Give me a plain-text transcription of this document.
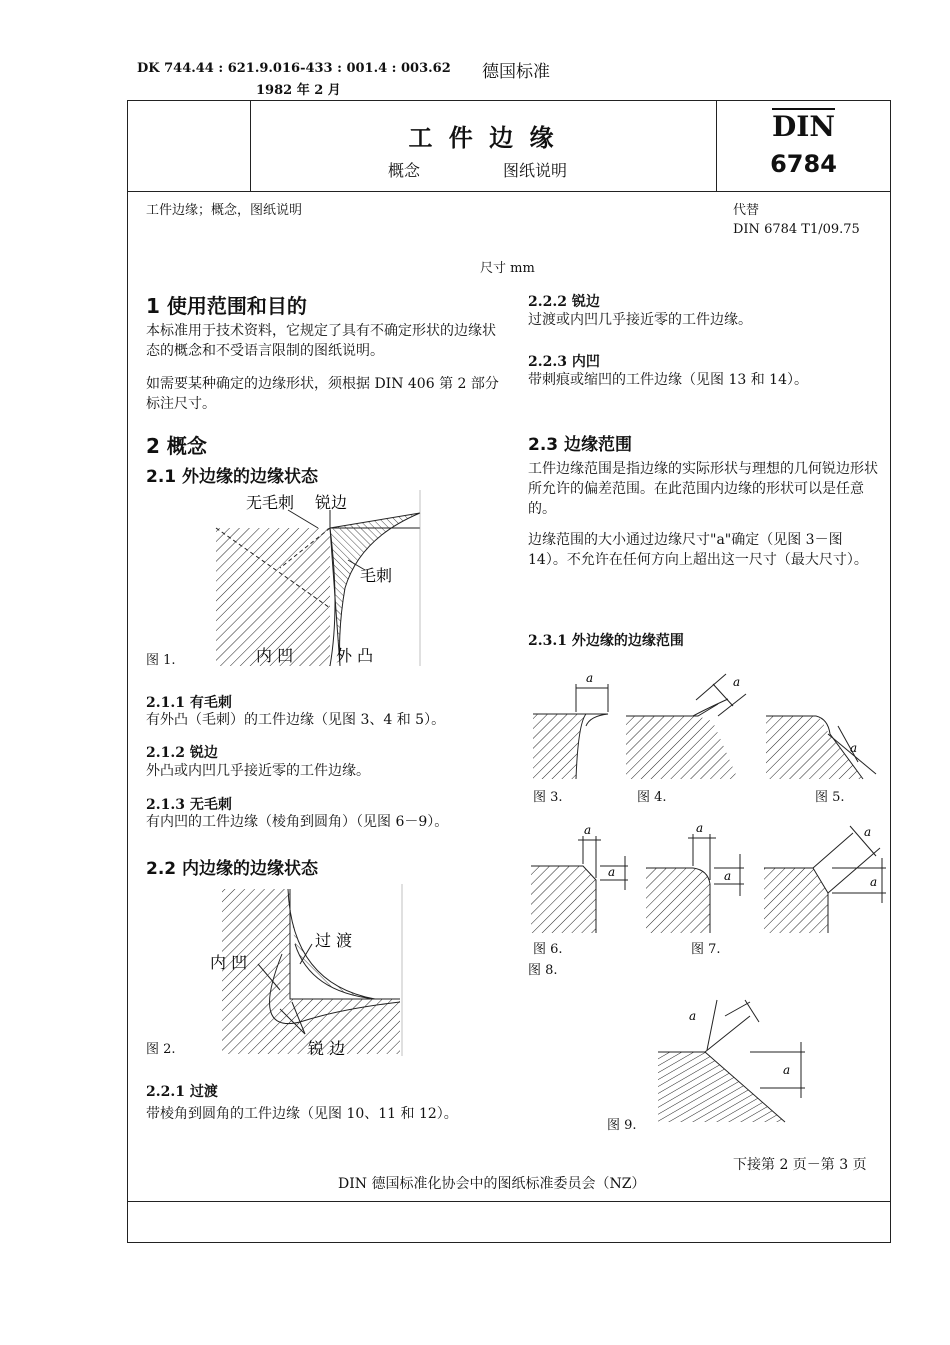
DK 744.44 : 621.9.016-433 : 001.4 : 003.62 德国标准
1982 年 2 月
工 件 边 缘
概念	图纸说明
$\overline{DIN}$
6784
工件边缘；概念，图纸说明	代替
DIN 6784 T1/09.75
尺寸 mm
1 使用范围和目的
本标准用于技术资料，它规定了具有不确定形状的边缘状态的概念和不受语言限制的图纸说明。
如需要某种确定的边缘形状，须根据 DIN 406 第 2 部分标注尺寸。
2 概念
2.1 外边缘的边缘状态
无毛刺 锐边
毛刺
内 凹	外 凸
图 1.
2.1.1 有毛刺
有外凸（毛刺）的工件边缘（见图 3、4 和 5）。
2.1.2 锐边
外凸或内凹几乎接近零的工件边缘。
2.1.3 无毛刺
有内凹的工件边缘（棱角到圆角）（见图 6－9）。
2.2 内边缘的边缘状态
过 渡
内 凹
锐 边
图 2.
2.2.1 过渡
带棱角到圆角的工件边缘（见图 10、11 和 12）。
2.2.2 锐边
过渡或内凹几乎接近零的工件边缘。
2.2.3 内凹
带刺痕或缩凹的工件边缘（见图 13 和 14）。
2.3 边缘范围
工件边缘范围是指边缘的实际形状与理想的几何锐边形状所允许的偏差范围。在此范围内边缘的形状可以是任意的。
边缘范围的大小通过边缘尺寸"a"确定（见图 3－图 14）。不允许在任何方向上超出这一尺寸（最大尺寸）。
2.3.1 外边缘的边缘范围
a	a
a
图 3.	图 4.	图 5.
a
a
a
a
a
a
图 6.	图 7.
图 8.
a
a
图 9.
下接第 2 页－第 3 页
DIN 德国标准化协会中的图纸标准委员会（NZ）
